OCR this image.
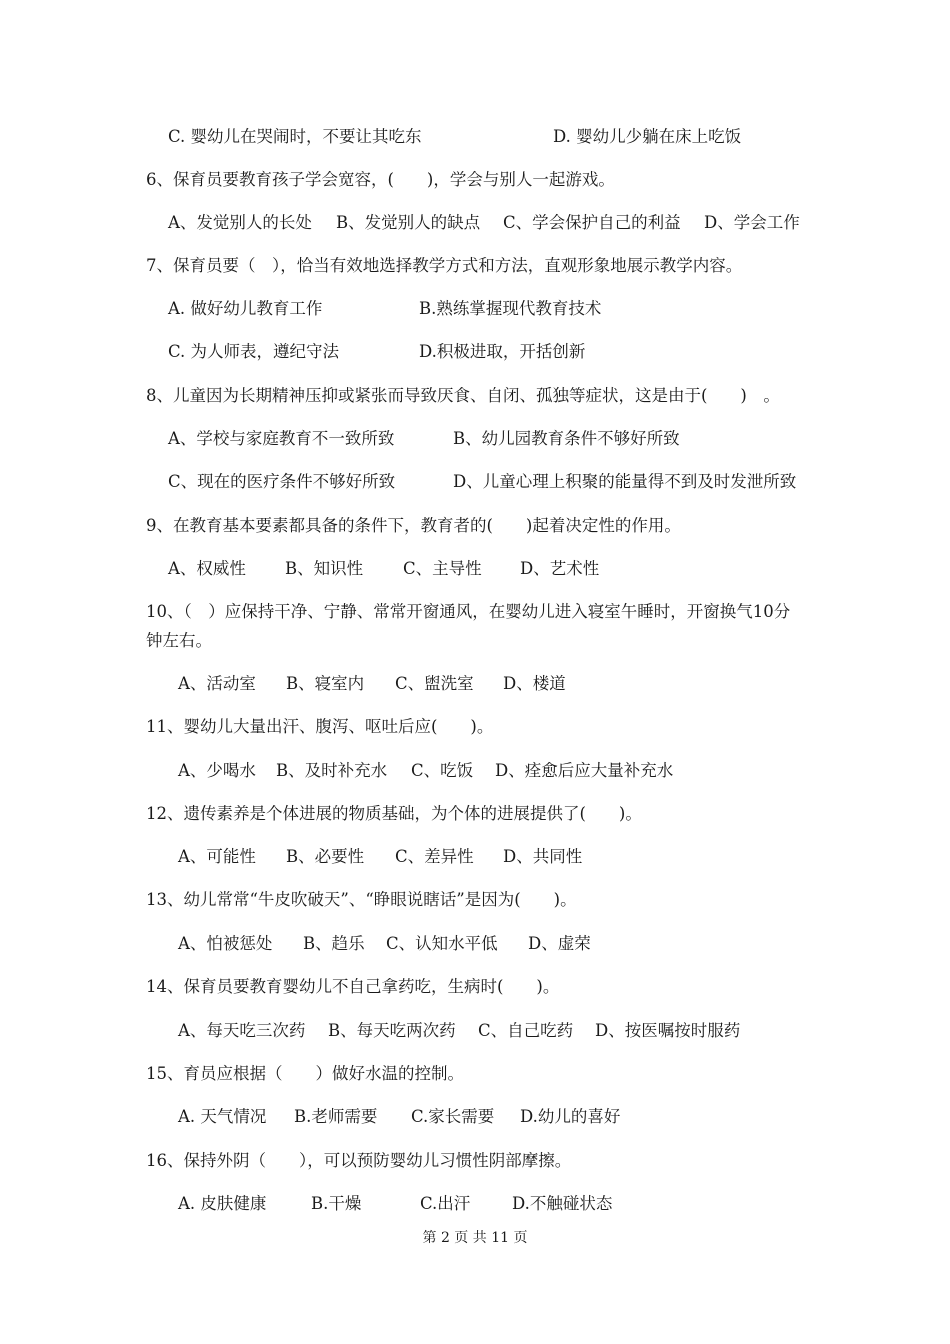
C. 婴幼儿在哭闹时，不要让其吃东	D. 婴幼儿少躺在床上吃饭
6、保育员要教育孩子学会宽容，(　　)，学会与别人一起游戏。
A、发觉别人的长处 B、发觉别人的缺点 C、学会保护自己的利益 D、学会工作
7、保育员要（　），恰当有效地选择教学方式和方法，直观形象地展示教学内容。
A. 做好幼儿教育工作	B.熟练掌握现代教育技术
C. 为人师表，遵纪守法	D.积极进取，开括创新
8、儿童因为长期精神压抑或紧张而导致厌食、自闭、孤独等症状，这是由于(　　)　。
A、学校与家庭教育不一致所致	B、幼儿园教育条件不够好所致
C、现在的医疗条件不够好所致	D、儿童心理上积聚的能量得不到及时发泄所致
9、在教育基本要素都具备的条件下，教育者的(　　)起着决定性的作用。
A、权威性 B、知识性 C、主导性 D、艺术性
10、（　）应保持干净、宁静、常常开窗通风，在婴幼儿进入寝室午睡时，开窗换气10分
钟左右。
A、活动室 B、寝室内 C、盥洗室 D、楼道
11、婴幼儿大量出汗、腹泻、呕吐后应(　　)。
A、少喝水 B、及时补充水 C、吃饭 D、痊愈后应大量补充水
12、遗传素养是个体进展的物质基础，为个体的进展提供了(　　)。
A、可能性 B、必要性 C、差异性 D、共同性
13、幼儿常常“牛皮吹破天”、“睁眼说瞎话”是因为(　　)。
A、怕被惩处 B、趋乐 C、认知水平低 D、虚荣
14、保育员要教育婴幼儿不自己拿药吃，生病时(　　)。
A、每天吃三次药 B、每天吃两次药 C、自己吃药 D、按医嘱按时服药
15、育员应根据（　　）做好水温的控制。
A. 天气情况 B.老师需要 C.家长需要 D.幼儿的喜好
16、保持外阴（　　），可以预防婴幼儿习惯性阴部摩擦。
A. 皮肤健康	B.干燥	C.出汗	D.不触碰状态
第 2 页 共 11 页
